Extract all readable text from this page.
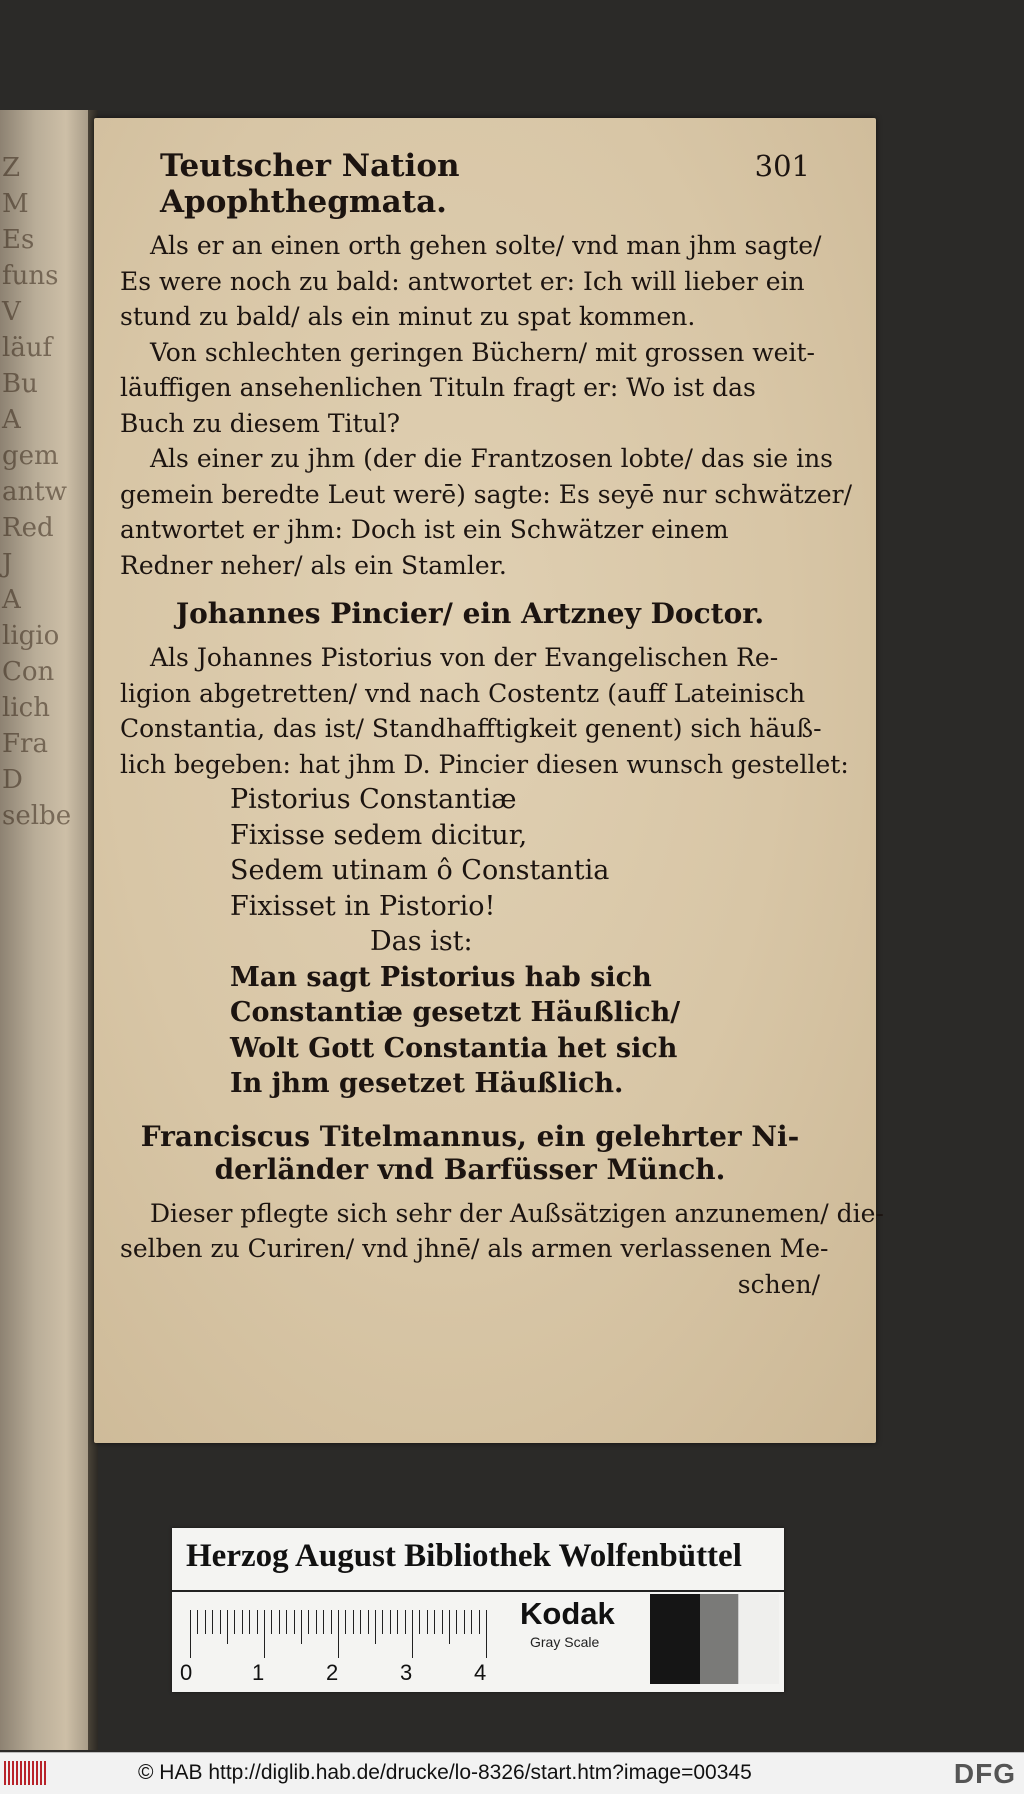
Z
M
Es
funs
V
läuf
Bu
A
gem
antw
Red
J
A
ligio
Con
lich
Fra
D
selbe
Teutscher Nation Apophthegmata.
301

Als er an einen orth gehen solte/ vnd man jhm sagte/
Es were noch zu bald: antwortet er: Ich will lieber ein
stund zu bald/ als ein minut zu spat kommen.

Von schlechten geringen Büchern/ mit grossen weit-
läuffigen ansehenlichen Tituln fragt er: Wo ist das
Buch zu diesem Titul?

Als einer zu jhm (der die Frantzosen lobte/ das sie ins
gemein beredte Leut werē) sagte: Es seyē nur schwätzer/
antwortet er jhm: Doch ist ein Schwätzer einem
Redner neher/ als ein Stamler.

Johannes Pincier/ ein Artzney Doctor.

Als Johannes Pistorius von der Evangelischen Re-
ligion abgetretten/ vnd nach Costentz (auff Lateinisch
Constantia, das ist/ Standhafftigkeit genent) sich häuß-
lich begeben: hat jhm D. Pincier diesen wunsch gestellet:

Pistorius Constantiæ
Fixisse sedem dicitur,
Sedem utinam ô Constantia
Fixisset in Pistorio!
Das ist:

Man sagt Pistorius hab sich
Constantiæ gesetzt Häußlich/
Wolt Gott Constantia het sich
In jhm gesetzet Häußlich.

Franciscus Titelmannus, ein gelehrter Ni-
derländer vnd Barfüsser Münch.

Dieser pflegte sich sehr der Außsätzigen anzunemen/ die-
selben zu Curiren/ vnd jhnē/ als armen verlassenen Me-
schen/

Herzog August Bibliothek Wolfenbüttel
0	1	2	3	4
Kodak
Gray Scale
© HAB http://diglib.hab.de/drucke/lo-8326/start.htm?image=00345	DFG
